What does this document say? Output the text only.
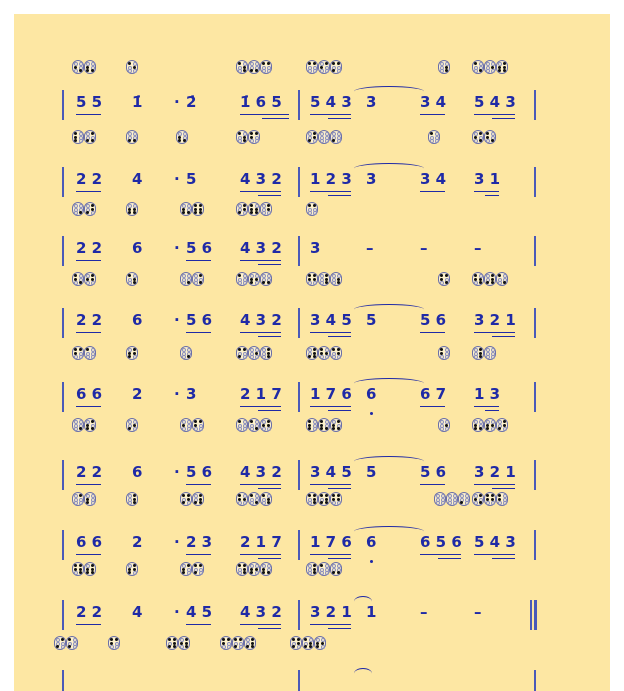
5 5 1̇ · 2̇	1̇ 6 5 5 4 3 3	3 4 5 4 3
2 2 4 · 5	4 3 2 1 2 3 3	3 4 3 1
2 2 6 · 5 6 4 3 2 3	–	–	–
2 2 6 · 5 6 4 3 2 3 4 5 5	5 6 3 2 1
6 6 2 · 3	2 1 7 1 7 6 6	6 7 1 3
2 2 6 · 5 6 4 3 2 3 4 5 5	5 6 3 2 1
6 6 2 · 2 3 2 1 7 1 7 6 6	6 5 6 5 4 3
2 2 4 · 4 5 4 3 2 3 2 1 1	–	–
